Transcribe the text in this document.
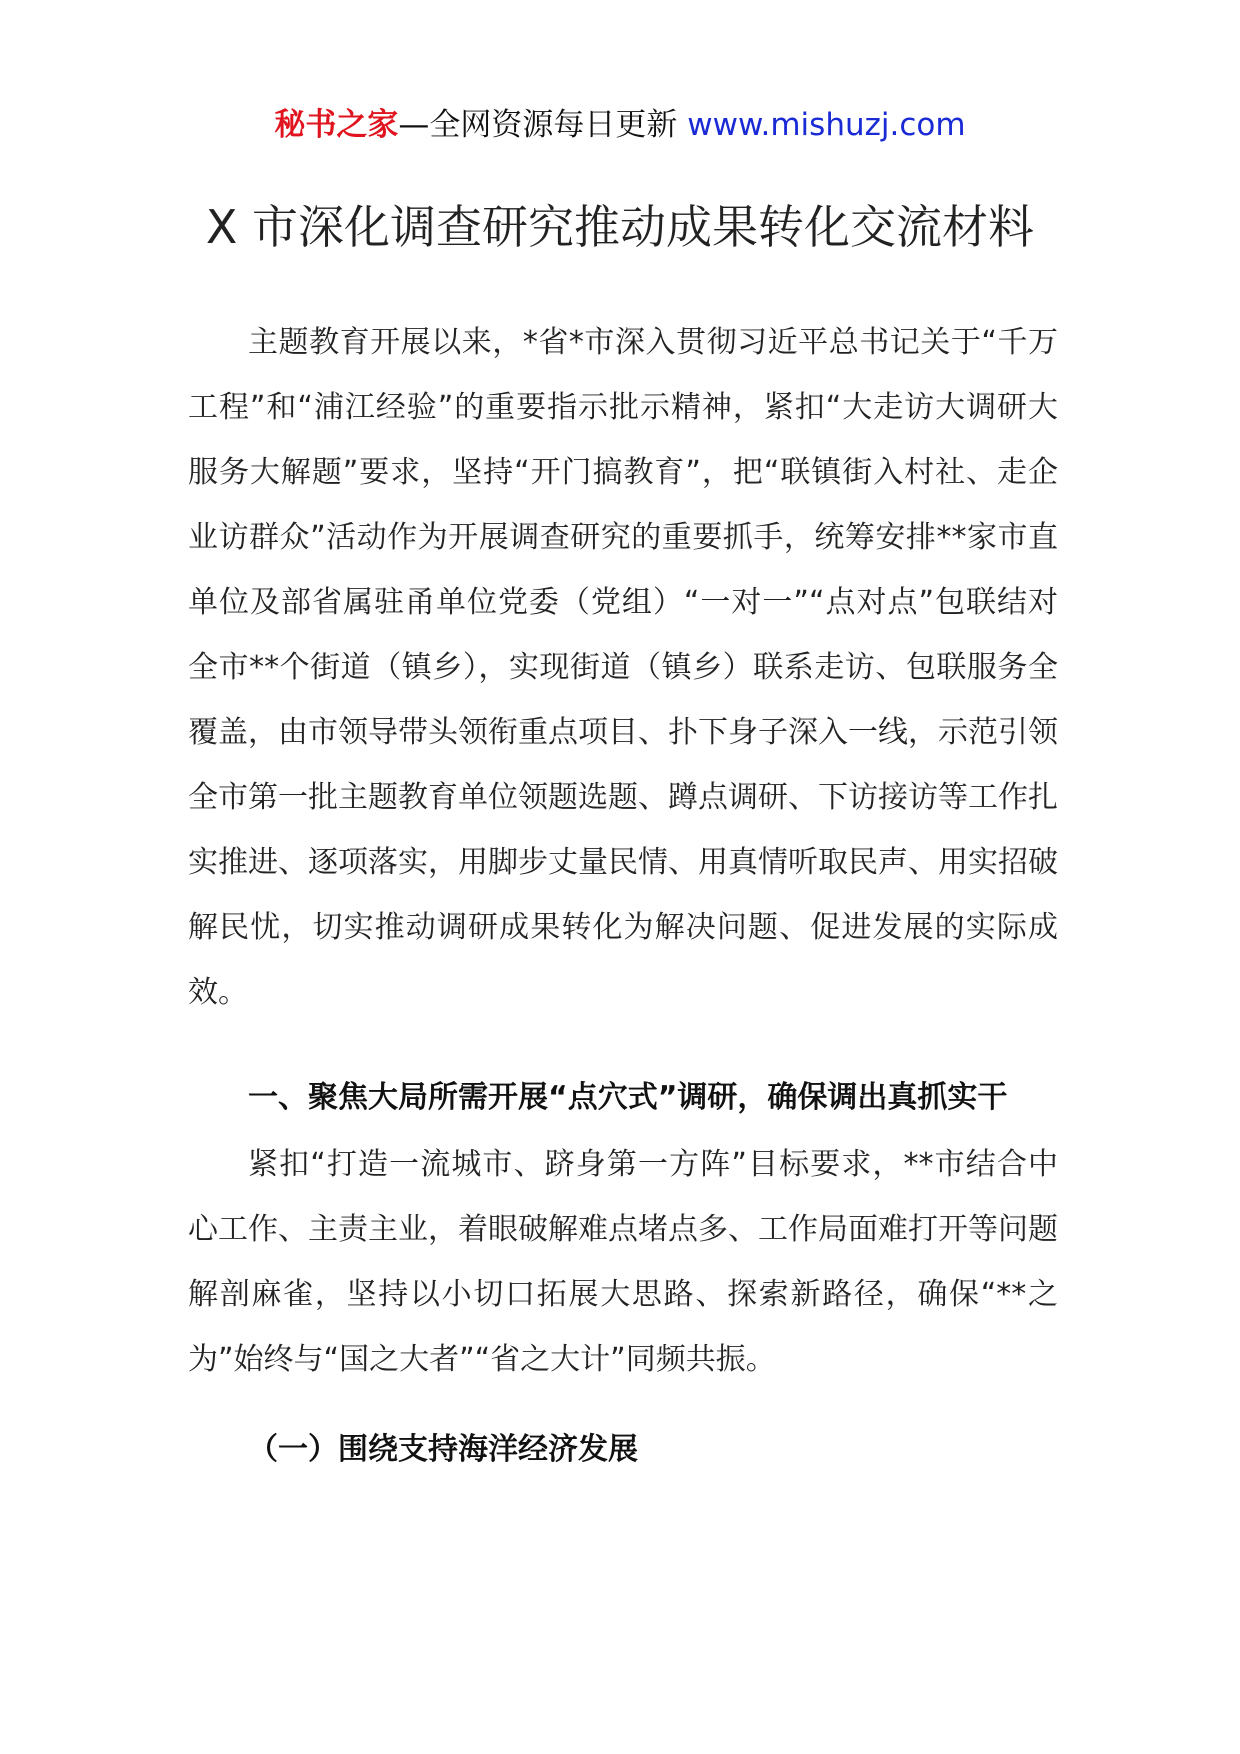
秘书之家—全网资源每日更新 www.mishuzj.com
X 市深化调查研究推动成果转化交流材料

主题教育开展以来，*省*市深入贯彻习近平总书记关于“千万工程”和“浦江经验”的重要指示批示精神，紧扣“大走访大调研大服务大解题”要求，坚持“开门搞教育”，把“联镇街入村社、走企业访群众”活动作为开展调查研究的重要抓手，统筹安排**家市直单位及部省属驻甬单位党委（党组）“一对一”“点对点”包联结对全市**个街道（镇乡），实现街道（镇乡）联系走访、包联服务全覆盖，由市领导带头领衔重点项目、扑下身子深入一线，示范引领全市第一批主题教育单位领题选题、蹲点调研、下访接访等工作扎实推进、逐项落实，用脚步丈量民情、用真情听取民声、用实招破解民忧，切实推动调研成果转化为解决问题、促进发展的实际成效。

一、聚焦大局所需开展“点穴式”调研，确保调出真抓实干

紧扣“打造一流城市、跻身第一方阵”目标要求，**市结合中心工作、主责主业，着眼破解难点堵点多、工作局面难打开等问题解剖麻雀，坚持以小切口拓展大思路、探索新路径，确保“**之为”始终与“国之大者”“省之大计”同频共振。

（一）围绕支持海洋经济发展
